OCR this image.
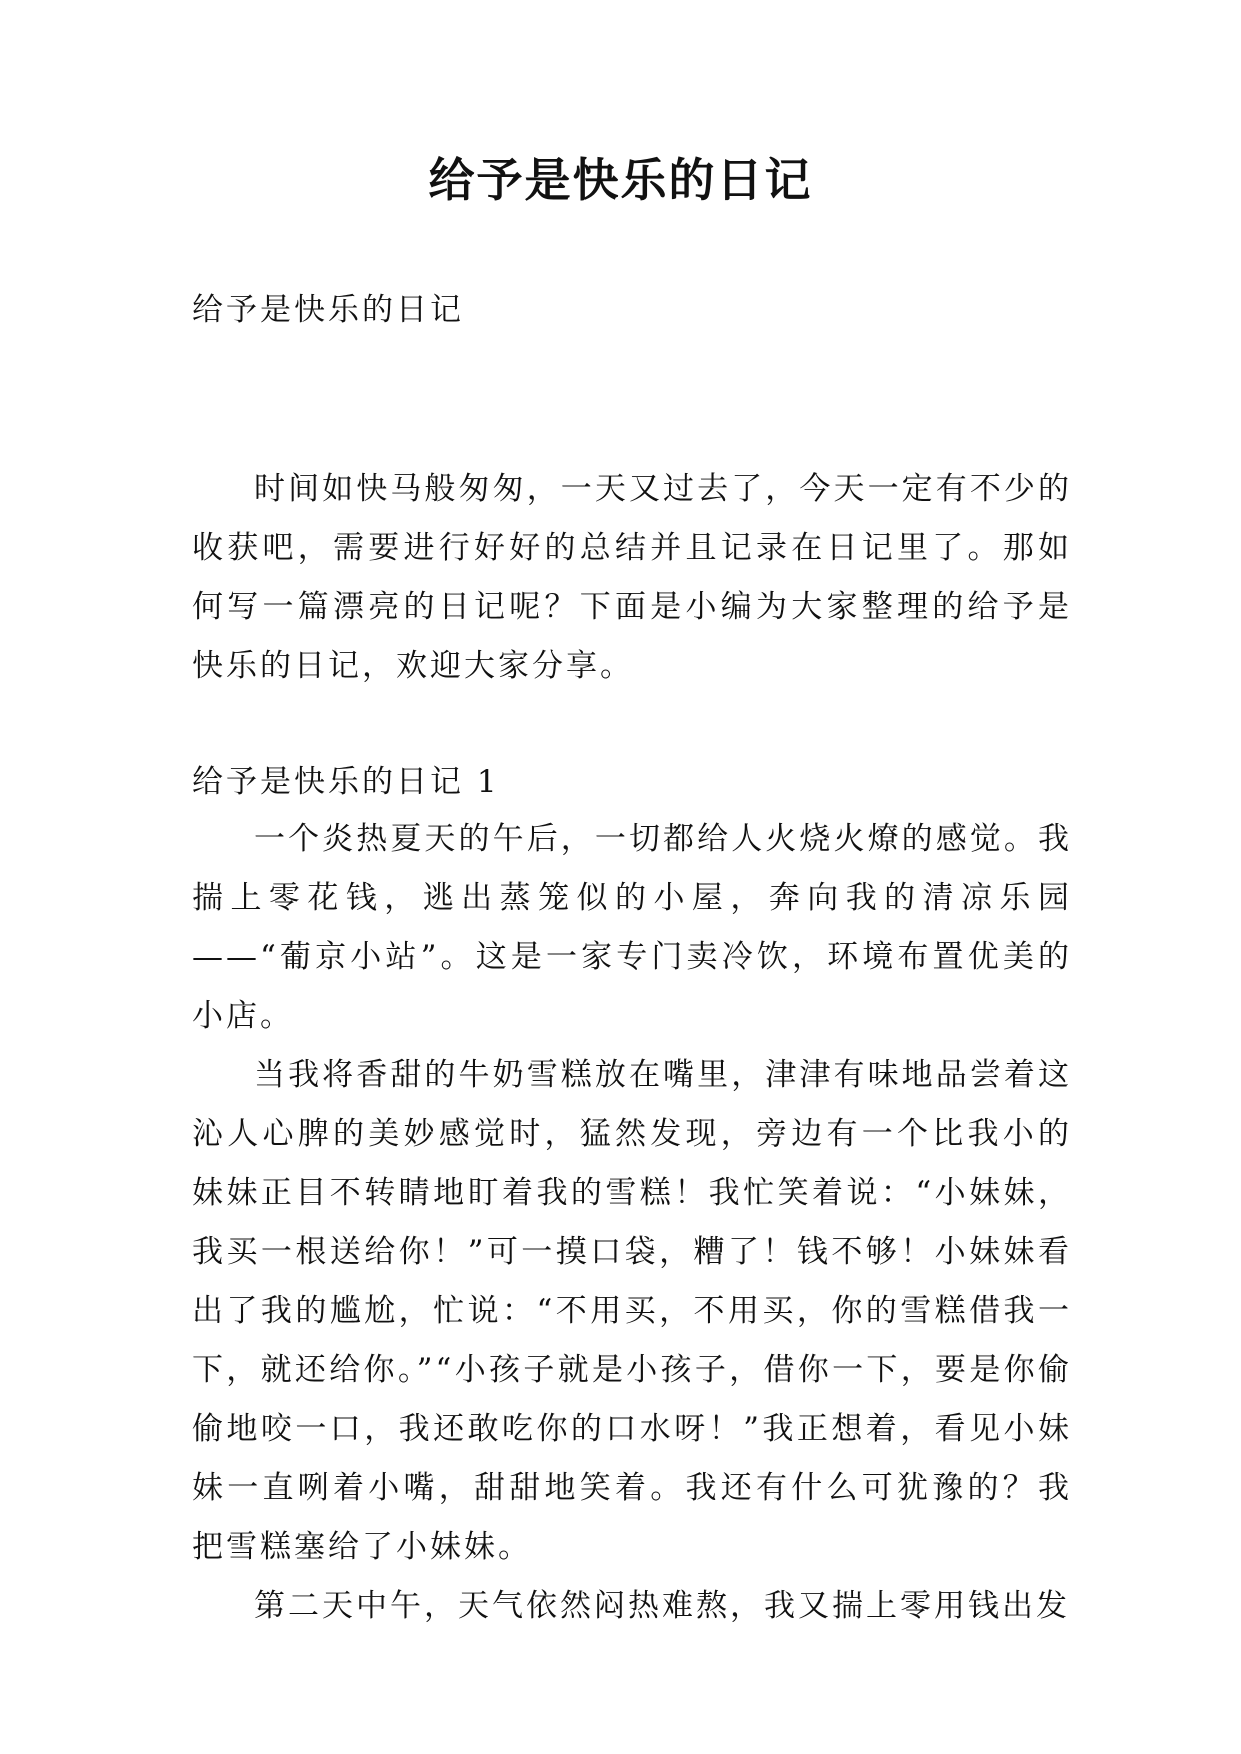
给予是快乐的日记
给予是快乐的日记

时间如快马般匆匆，一天又过去了，今天一定有不少的收获吧，需要进行好好的总结并且记录在日记里了。那如何写一篇漂亮的日记呢？下面是小编为大家整理的给予是快乐的日记，欢迎大家分享。

给予是快乐的日记 1

一个炎热夏天的午后，一切都给人火烧火燎的感觉。我揣上零花钱，逃出蒸笼似的小屋，奔向我的清凉乐园——“葡京小站”。这是一家专门卖冷饮，环境布置优美的小店。

当我将香甜的牛奶雪糕放在嘴里，津津有味地品尝着这沁人心脾的美妙感觉时，猛然发现，旁边有一个比我小的妹妹正目不转睛地盯着我的雪糕！我忙笑着说：“小妹妹，我买一根送给你！”可一摸口袋，糟了！钱不够！小妹妹看出了我的尴尬，忙说：“不用买，不用买，你的雪糕借我一下，就还给你。”“小孩子就是小孩子，借你一下，要是你偷偷地咬一口，我还敢吃你的口水呀！”我正想着，看见小妹妹一直咧着小嘴，甜甜地笑着。我还有什么可犹豫的？我把雪糕塞给了小妹妹。

第二天中午，天气依然闷热难熬，我又揣上零用钱出发
